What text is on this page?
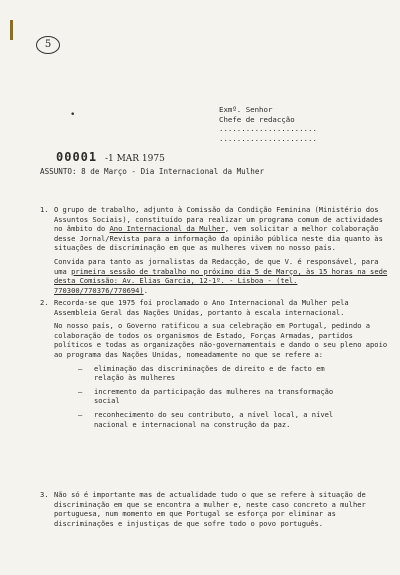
5
•
Exmº. Senhor
Chefe de redacção
......................
......................
00001 -1 MAR 1975
ASSUNTO: 8 de Março - Dia Internacional da Mulher
1. O grupo de trabalho, adjunto à Comissão da Condição Feminina (Ministério dos Assuntos Sociais), constituído para realizar um programa comum de actividades no âmbito do Ano Internacional da Mulher, vem solicitar a melhor colaboração desse Jornal/Revista para a informação da opinião pública neste dia quanto às situações de discriminação em que as mulheres vivem no nosso país.

Convida para tanto as jornalistas da Redacção, de que V. é responsável, para uma primeira sessão de trabalho no próximo dia 5 de Março, às 15 horas na sede desta Comissão: Av. Elias Garcia, 12-1º. - Lisboa - (tel. 770300/770376/770694).

2. Recorda-se que 1975 foi proclamado o Ano Internacional da Mulher pela Assembleia Geral das Nações Unidas, portanto à escala internacional.

No nosso país, o Governo ratificou a sua celebração em Portugal, pedindo a colaboração de todos os organismos de Estado, Forças Armadas, partidos políticos e todas as organizações não-governamentais e dando o seu pleno apoio ao programa das Nações Unidas, nomeadamente no que se refere a:

–	eliminação das discriminações de direito e de facto em relação às mulheres
–	incremento da participação das mulheres na transformação social
–	reconhecimento do seu contributo, a nível local, a nível nacional e internacional na construção da paz.
3. Não só é importante mas de actualidade tudo o que se refere à situação de discriminação em que se encontra a mulher e, neste caso concreto a mulher portuguesa, num momento em que Portugal se esforça por eliminar as discriminações e injustiças de que sofre todo o povo português.
